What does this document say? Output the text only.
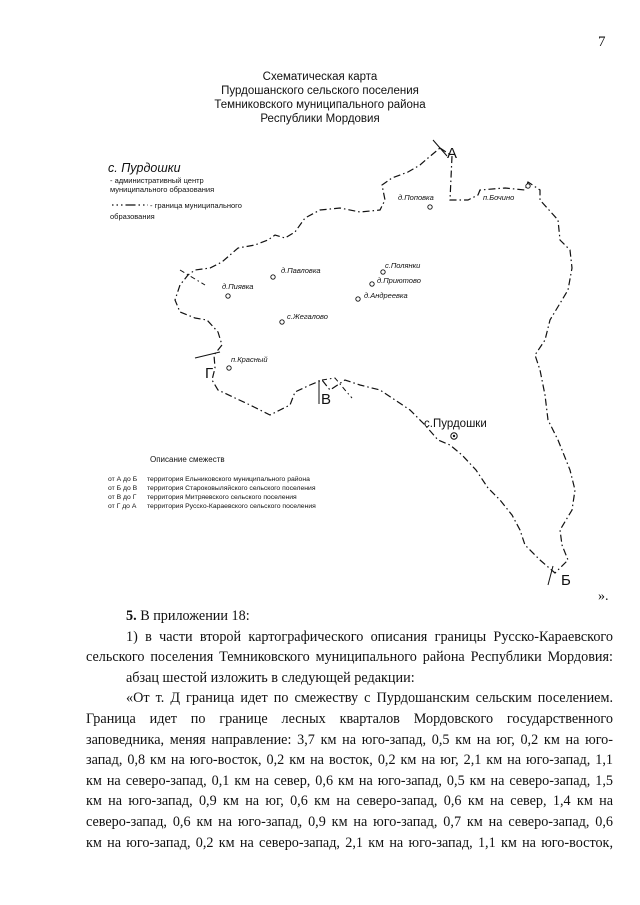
7
Схематическая карта
Пурдошанского сельского поселения
Темниковского муниципального района
Республики Мордовия
А
Б
В
Г
с. Пурдошки
- административный центр
муниципального образования
- граница муниципального
образования
д.Поповка	п.Бочино
с.Полянки
д.Приютово
д.Андреевка
д.Павловка
д.Пиявка
с.Жегалово
п.Красный
с.Пурдошки
Описание смежеств
от А до Б территория Ельниковского муниципального района
от Б до В территория Староковыляйского сельского поселения
от В до Г территория Митряевского сельского поселения
от Г до А территория Русско-Караевского сельского поселения
».

5. В приложении 18:

1) в части второй картографического описания границы Русско-Караевского

сельского поселения Темниковского муниципального района Республики Мордовия:

абзац шестой изложить в следующей редакции:

«От т. Д граница идет по смежеству с Пурдошанским сельским поселением.

Граница идет по границе лесных кварталов Мордовского государственного

заповедника, меняя направление: 3,7 км на юго-запад, 0,5 км на юг, 0,2 км на юго-

запад, 0,8 км на юго-восток, 0,2 км на восток, 0,2 км на юг, 2,1 км на юго-запад, 1,1

км на северо-запад, 0,1 км на север, 0,6 км на юго-запад, 0,5 км на северо-запад, 1,5

км на юго-запад, 0,9 км на юг, 0,6 км на северо-запад, 0,6 км на север, 1,4 км на

северо-запад, 0,6 км на юго-запад, 0,9 км на юго-запад, 0,7 км на северо-запад, 0,6

км на юго-запад, 0,2 км на северо-запад, 2,1 км на юго-запад, 1,1 км на юго-восток,
